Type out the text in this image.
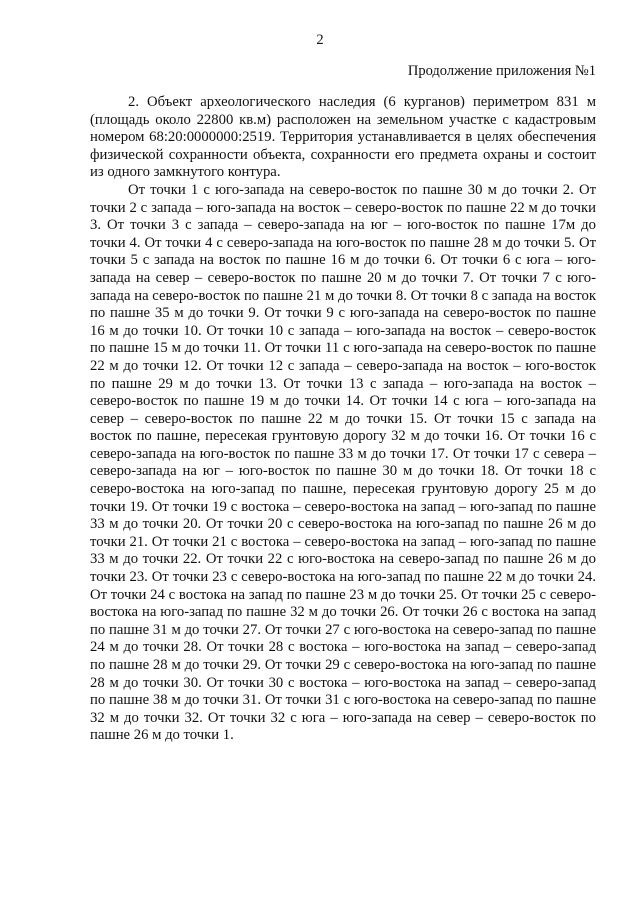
2
Продолжение приложения №1

2. Объект археологического наследия (6 курганов) периметром 831 м (площадь около 22800 кв.м) расположен на земельном участке с кадастровым номером 68:20:0000000:2519. Территория устанавливается в целях обеспечения физической сохранности объекта, сохранности его предмета охраны и состоит из одного замкнутого контура.

От точки 1 с юго-запада на северо-восток по пашне 30 м до точки 2. От точки 2 с запада – юго-запада на восток – северо-восток по пашне 22 м до точки 3. От точки 3 с запада – северо-запада на юг – юго-восток по пашне 17м до точки 4. От точки 4 с северо-запада на юго-восток по пашне 28 м до точки 5. От точки 5 с запада на восток по пашне 16 м до точки 6. От точки 6 с юга – юго-запада на север – северо-восток по пашне 20 м до точки 7. От точки 7 с юго-запада на северо-восток по пашне 21 м до точки 8. От точки 8 с запада на восток по пашне 35 м до точки 9. От точки 9 с юго-запада на северо-восток по пашне 16 м до точки 10. От точки 10 с запада – юго-запада на восток – северо-восток по пашне 15 м до точки 11. От точки 11 с юго-запада на северо-восток по пашне 22 м до точки 12. От точки 12 с запада – северо-запада на восток – юго-восток по пашне 29 м до точки 13. От точки 13 с запада – юго-запада на восток – северо-восток по пашне 19 м до точки 14. От точки 14 с юга – юго-запада на север – северо-восток по пашне 22 м до точки 15. От точки 15 с запада на восток по пашне, пересекая грунтовую дорогу 32 м до точки 16. От точки 16 с северо-запада на юго-восток по пашне 33 м до точки 17. От точки 17 с севера – северо-запада на юг – юго-восток по пашне 30 м до точки 18. От точки 18 с северо-востока на юго-запад по пашне, пересекая грунтовую дорогу 25 м до точки 19. От точки 19 с востока – северо-востока на запад – юго-запад по пашне 33 м до точки 20. От точки 20 с северо-востока на юго-запад по пашне 26 м до точки 21. От точки 21 с востока – северо-востока на запад – юго-запад по пашне 33 м до точки 22. От точки 22 с юго-востока на северо-запад по пашне 26 м до точки 23. От точки 23 с северо-востока на юго-запад по пашне 22 м до точки 24. От точки 24 с востока на запад по пашне 23 м до точки 25. От точки 25 с северо-востока на юго-запад по пашне 32 м до точки 26. От точки 26 с востока на запад по пашне 31 м до точки 27. От точки 27 с юго-востока на северо-запад по пашне 24 м до точки 28. От точки 28 с востока – юго-востока на запад – северо-запад по пашне 28 м до точки 29. От точки 29 с северо-востока на юго-запад по пашне 28 м до точки 30. От точки 30 с востока – юго-востока на запад – северо-запад по пашне 38 м до точки 31. От точки 31 с юго-востока на северо-запад по пашне 32 м до точки 32. От точки 32 с юга – юго-запада на север – северо-восток по пашне 26 м до точки 1.
